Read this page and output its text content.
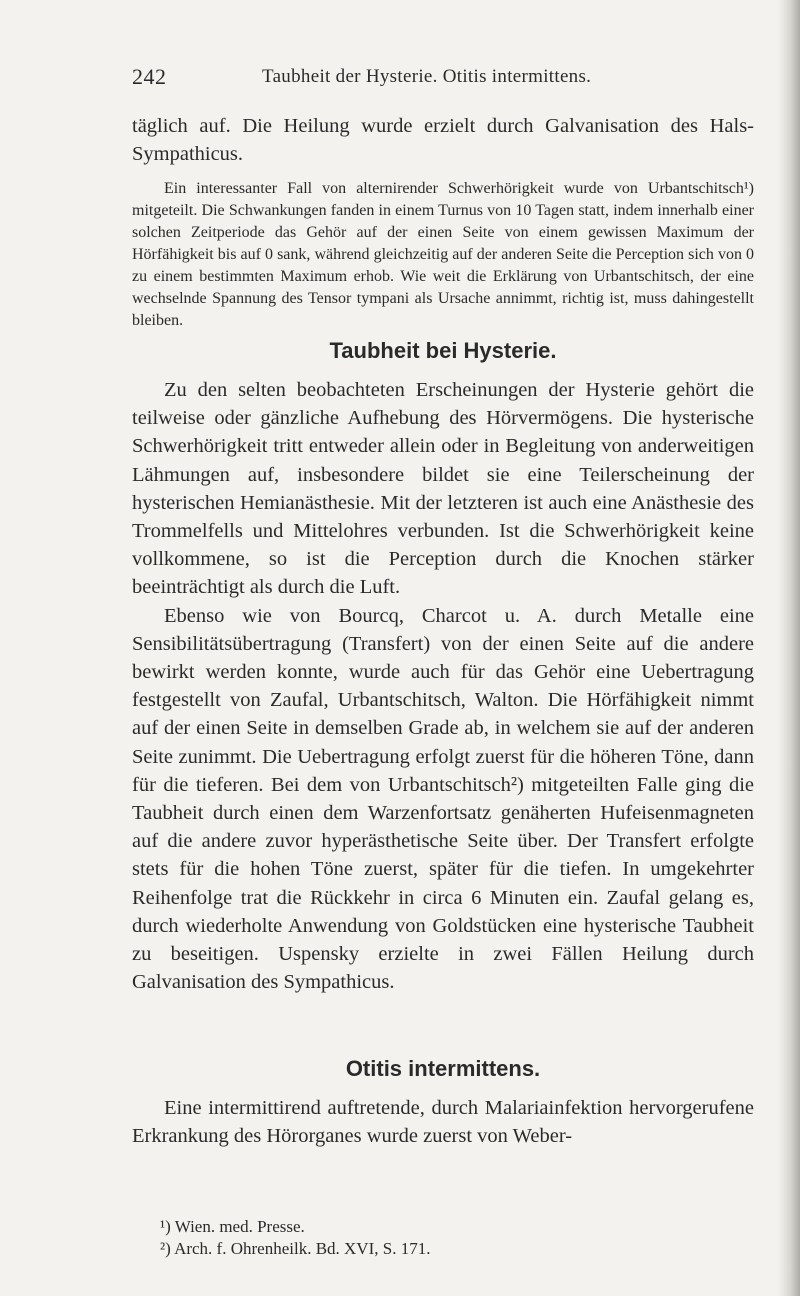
242	Taubheit der Hysterie. Otitis intermittens.

täglich auf. Die Heilung wurde erzielt durch Galvanisation des Hals-Sympathicus.

Ein interessanter Fall von alternirender Schwerhörigkeit wurde von Urbantschitsch¹) mitgeteilt. Die Schwankungen fanden in einem Turnus von 10 Tagen statt, indem innerhalb einer solchen Zeitperiode das Gehör auf der einen Seite von einem gewissen Maximum der Hörfähigkeit bis auf 0 sank, während gleichzeitig auf der anderen Seite die Perception sich von 0 zu einem bestimmten Maximum erhob. Wie weit die Erklärung von Urbantschitsch, der eine wechselnde Spannung des Tensor tympani als Ursache annimmt, richtig ist, muss dahingestellt bleiben.

Taubheit bei Hysterie.

Zu den selten beobachteten Erscheinungen der Hysterie gehört die teilweise oder gänzliche Aufhebung des Hörvermögens. Die hysterische Schwerhörigkeit tritt entweder allein oder in Begleitung von anderweitigen Lähmungen auf, insbesondere bildet sie eine Teilerscheinung der hysterischen Hemianästhesie. Mit der letzteren ist auch eine Anästhesie des Trommelfells und Mittelohres verbunden. Ist die Schwerhörigkeit keine vollkommene, so ist die Perception durch die Knochen stärker beeinträchtigt als durch die Luft.

Ebenso wie von Bourcq, Charcot u. A. durch Metalle eine Sensibilitätsübertragung (Transfert) von der einen Seite auf die andere bewirkt werden konnte, wurde auch für das Gehör eine Uebertragung festgestellt von Zaufal, Urbantschitsch, Walton. Die Hörfähigkeit nimmt auf der einen Seite in demselben Grade ab, in welchem sie auf der anderen Seite zunimmt. Die Uebertragung erfolgt zuerst für die höheren Töne, dann für die tieferen. Bei dem von Urbantschitsch²) mitgeteilten Falle ging die Taubheit durch einen dem Warzenfortsatz genäherten Hufeisenmagneten auf die andere zuvor hyperästhetische Seite über. Der Transfert erfolgte stets für die hohen Töne zuerst, später für die tiefen. In umgekehrter Reihenfolge trat die Rückkehr in circa 6 Minuten ein. Zaufal gelang es, durch wiederholte Anwendung von Goldstücken eine hysterische Taubheit zu beseitigen. Uspensky erzielte in zwei Fällen Heilung durch Galvanisation des Sympathicus.

Otitis intermittens.

Eine intermittirend auftretende, durch Malariainfektion hervorgerufene Erkrankung des Hörorganes wurde zuerst von Weber-

¹) Wien. med. Presse.

²) Arch. f. Ohrenheilk. Bd. XVI, S. 171.
